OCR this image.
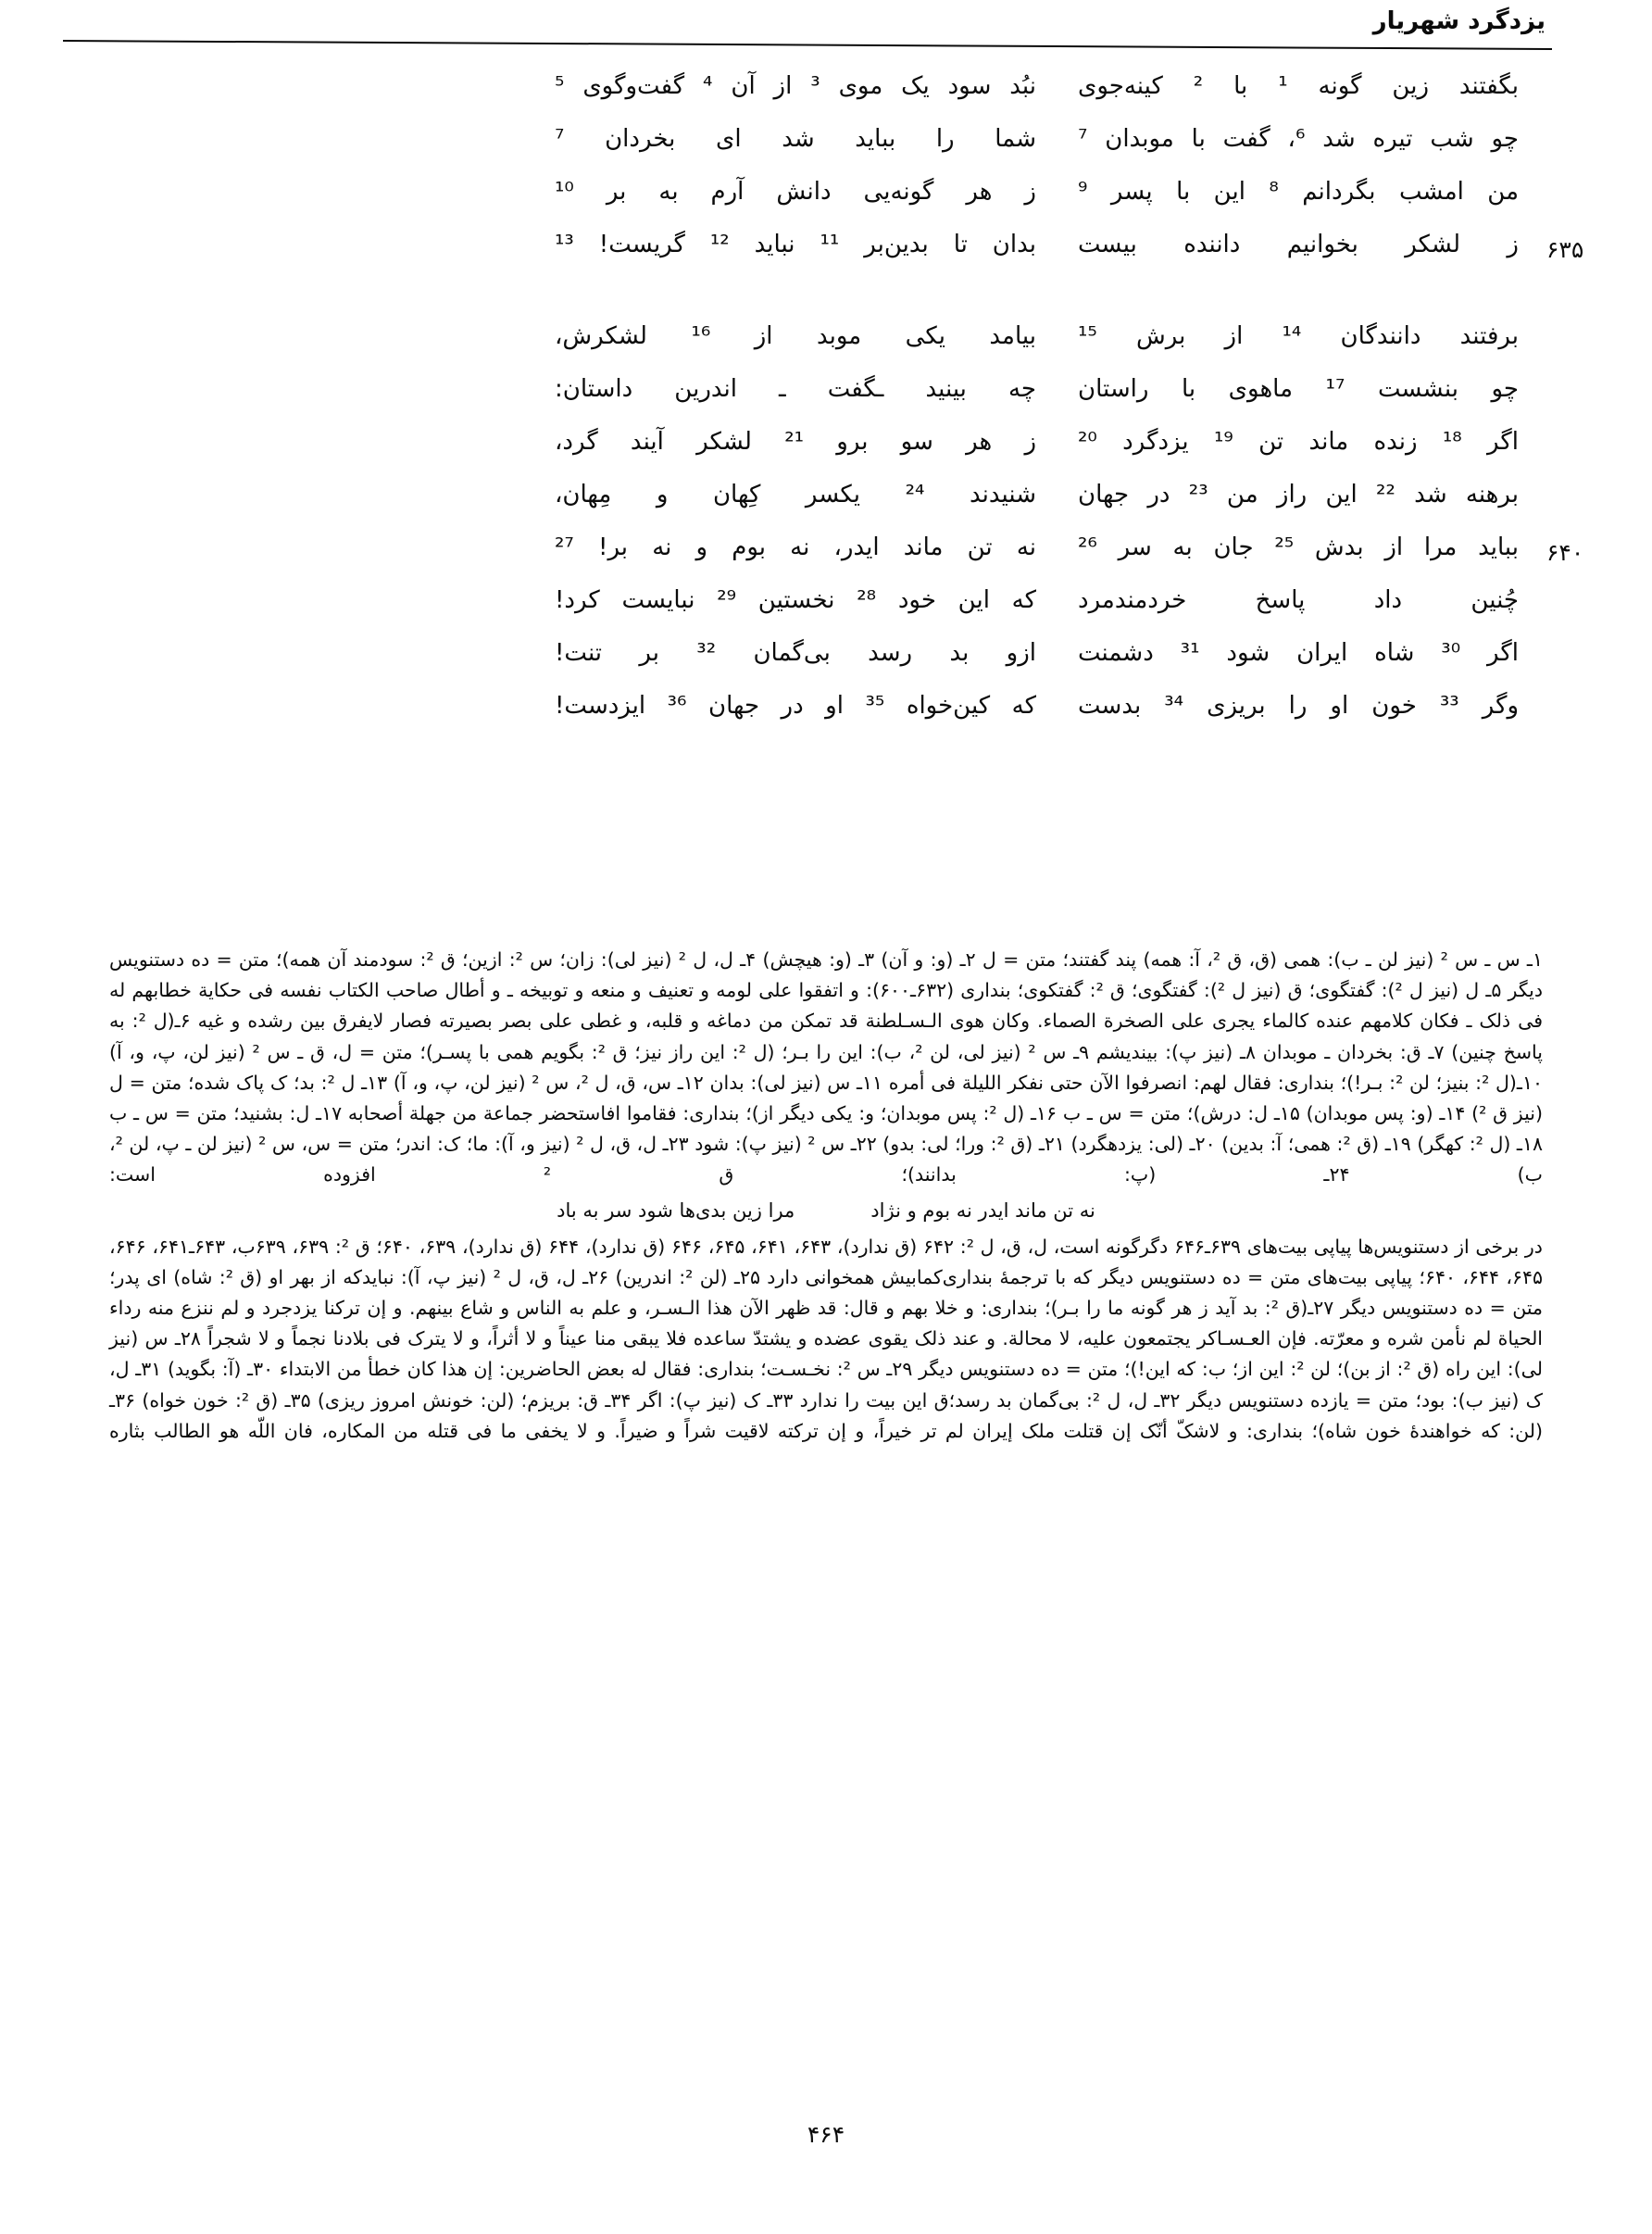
یزدگرد شهریار
بگفتند زین گونه ¹ با ² کینه‌جوی
نبُد سود یک موی ³ از آن ⁴ گفت‌وگوی ⁵
چو شب تیره شد ⁶، گفت با موبدان ⁷
شما را بباید شد ای بخردان ⁷
من امشب بگردانم ⁸ این با پسر ⁹
ز هر گونه‌یی دانش آرم به بر ¹⁰
۶۳۵
ز لشکر بخوانیم داننده بیست
بدان تا بدین‌بر ¹¹ نباید ¹² گریست! ¹³
برفتند دانندگان ¹⁴ از برش ¹⁵
بیامد یکی موبد از ¹⁶ لشکرش،
چو بنشست ¹⁷ ماهوی با راستان
چه بینید ـگفت ـ اندرین داستان:
اگر ¹⁸ زنده ماند تن ¹⁹ یزدگرد ²⁰
ز هر سو برو ²¹ لشکر آیند گرد،
برهنه شد ²² این راز من ²³ در جهان
شنیدند ²⁴ یکسر کِهان و مِهان،
۶۴۰
بباید مرا از بدش ²⁵ جان به سر ²⁶
نه تن ماند ایدر، نه بوم و نه بر! ²⁷
چُنین داد پاسخ خردمندمرد
که این خود ²⁸ نخستین ²⁹ نبایست کرد!
اگر ³⁰ شاه ایران شود ³¹ دشمنت
ازو بد رسد بی‌گمان ³² بر تنت!
وگر ³³ خون او را بریزی ³⁴ بدست
که کین‌خواه ³⁵ او در جهان ³⁶ ایزدست!

۱ـ س ـ س ² (نیز لن ـ ب): همی (ق، ق ²، آ: همه) پند گفتند؛ متن = ل ۲ـ (و: و آن) ۳ـ (و: هیچش) ۴ـ ل، ل ² (نیز لی): زان؛ س ²: ازین؛ ق ²: سودمند آن همه)؛ متن = ده دستنویس دیگر ۵ـ ل (نیز ل ²): گفتگوی؛ ق (نیز ل ²): گفتگوی؛ ق ²: گفتکوی؛ بنداری (۶۳۲ـ۶۰۰): و اتفقوا علی لومه و تعنیف و منعه و توبیخه ـ و أطال صاحب الکتاب نفسه فی حکایة خطابهم له فی ذلک ـ فکان کلامهم عنده کالماء یجری علی الصخرة الصماء. وکان هوی الـسـلطنة قد تمکن من دماغه و قلبه، و غطی علی بصر بصیرته فصار لایفرق بین رشده و غیه ۶ـ(ل ²: به پاسخ چنین) ۷ـ ق: بخردان ـ موبدان ۸ـ (نیز پ): بیندیشم ۹ـ س ² (نیز لی، لن ²، ب): این را بـر؛ (ل ²: این راز نیز؛ ق ²: بگویم همی با پسـر)؛ متن = ل، ق ـ س ² (نیز لن، پ، و، آ) ۱۰ـ(ل ²: بنیز؛ لن ²: بـر!)؛ بنداری: فقال لهم: انصرفوا الآن حتی نفکر اللیلة فی أمره ۱۱ـ س (نیز لی): بدان ۱۲ـ س، ق، ل ²، س ² (نیز لن، پ، و، آ) ۱۳ـ ل ²: بد؛ ک پاک شده؛ متن = ل (نیز ق ²) ۱۴ـ (و: پس موبدان) ۱۵ـ ل: درش)؛ متن = س ـ ب ۱۶ـ (ل ²: پس موبدان؛ و: یکی دیگر از)؛ بنداری: فقاموا افاستحضر جماعة من جهلة أصحابه ۱۷ـ ل: بشنید؛ متن = س ـ ب ۱۸ـ (ل ²: کهگر) ۱۹ـ (ق ²: همی؛ آ: بدین) ۲۰ـ (لی: یزدهگرد) ۲۱ـ (ق ²: ورا؛ لی: بدو) ۲۲ـ س ² (نیز پ): شود ۲۳ـ ل، ق، ل ² (نیز و، آ): ما؛ ک: اندر؛ متن = س، س ² (نیز لن ـ پ، لن ²، ب) ۲۴ـ (پ: بدانند)؛ ق ² افزوده است:

نه تن ماند ایدر نه بوم و نژاد
مرا زین بدی‌ها شود سر به باد

در برخی از دستنویس‌ها پیاپی بیت‌های ۶۳۹ـ۶۴۶ دگرگونه است، ل، ق، ل ²: ۶۴۲ (ق ندارد)، ۶۴۳، ۶۴۱، ۶۴۵، ۶۴۶ (ق ندارد)، ۶۴۴ (ق ندارد)، ۶۳۹، ۶۴۰؛ ق ²: ۶۳۹، ۶۳۹ب، ۶۴۳ـ۶۴۱، ۶۴۶، ۶۴۵، ۶۴۴، ۶۴۰؛ پیاپی بیت‌های متن = ده دستنویس دیگر که با ترجمۀ بنداری‌کمابیش همخوانی دارد ۲۵ـ (لن ²: اندرین) ۲۶ـ ل، ق، ل ² (نیز پ، آ): نبایدکه از بهر او (ق ²: شاه) ای پدر؛ متن = ده دستنویس دیگر ۲۷ـ(ق ²: بد آید ز هر گونه ما را بـر)؛ بنداری: و خلا بهم و قال: قد ظهر الآن هذا الـسـر، و علم به الناس و شاع بینهم. و إن ترکنا یزدجرد و لم ننزع منه رداء الحیاة لم نأمن شره و معرّته. فإن العـسـاکر یجتمعون علیه، لا محالة. و عند ذلک یقوی عضده و یشتدّ ساعده فلا یبقی منا عیناً و لا أثراً، و لا یترک فی بلادنا نجماً و لا شجراً ۲۸ـ س (نیز لی): این راه (ق ²: از بن)؛ لن ²: این از؛ ب: که این!)؛ متن = ده دستنویس دیگر ۲۹ـ س ²: نخـسـت؛ بنداری: فقال له بعض الحاضرین: إن هذا کان خطأ من الابتداء ۳۰ـ (آ: بگوید) ۳۱ـ ل، ک (نیز ب): بود؛ متن = یازده دستنویس دیگر ۳۲ـ ل، ل ²: بی‌گمان بد رسد؛ق این بیت را ندارد ۳۳ـ ک (نیز پ): اگر ۳۴ـ ق: بریزم؛ (لن: خونش امروز ریزی) ۳۵ـ (ق ²: خون خواه) ۳۶ـ (لن: که خواهندۀ خون شاه)؛ بنداری: و لاشکّ أنّک إن قتلت ملک إیران لم تر خیراً، و إن ترکته لاقیت شراً و ضیراً. و لا یخفی ما فی قتله من المکاره، فان اللّه هو الطالب بثاره

۴۶۴
